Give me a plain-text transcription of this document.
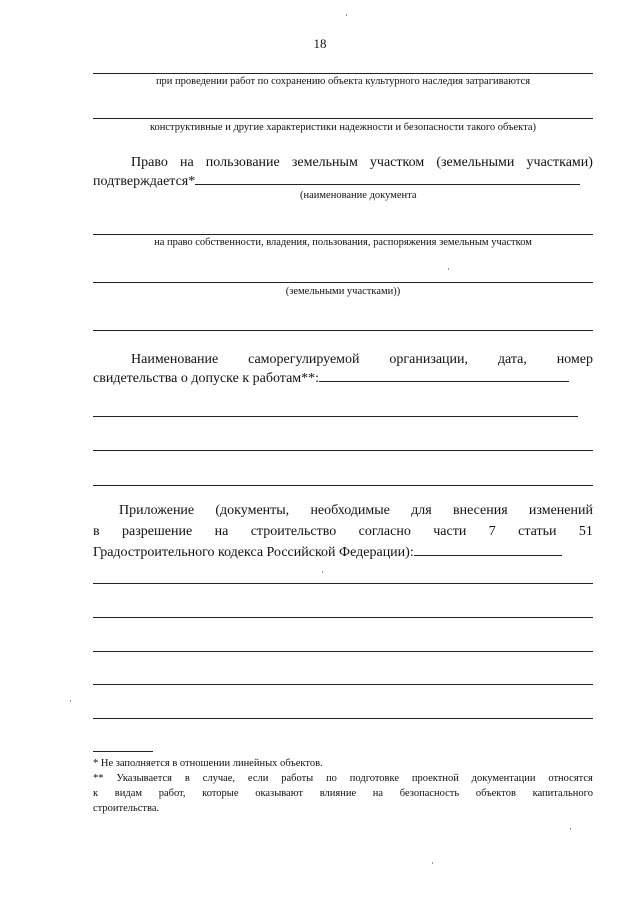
18
при проведении работ по сохранению объекта культурного наследия затрагиваются
конструктивные и другие характеристики надежности и безопасности такого объекта)
Право на пользование земельным участком (земельными участками)
подтверждается*
(наименование документа
на право собственности, владения, пользования, распоряжения земельным участком
(земельными участками))
Наименование саморегулируемой организации, дата, номер
свидетельства о допуске к работам**:
Приложение (документы, необходимые для внесения изменений
в разрешение на строительство согласно части 7 статьи 51
Градостроительного кодекса Российской Федерации):
* Не заполняется в отношении линейных объектов.
** Указывается в случае, если работы по подготовке проектной документации относятся
к видам работ, которые оказывают влияние на безопасность объектов капитального
строительства.
